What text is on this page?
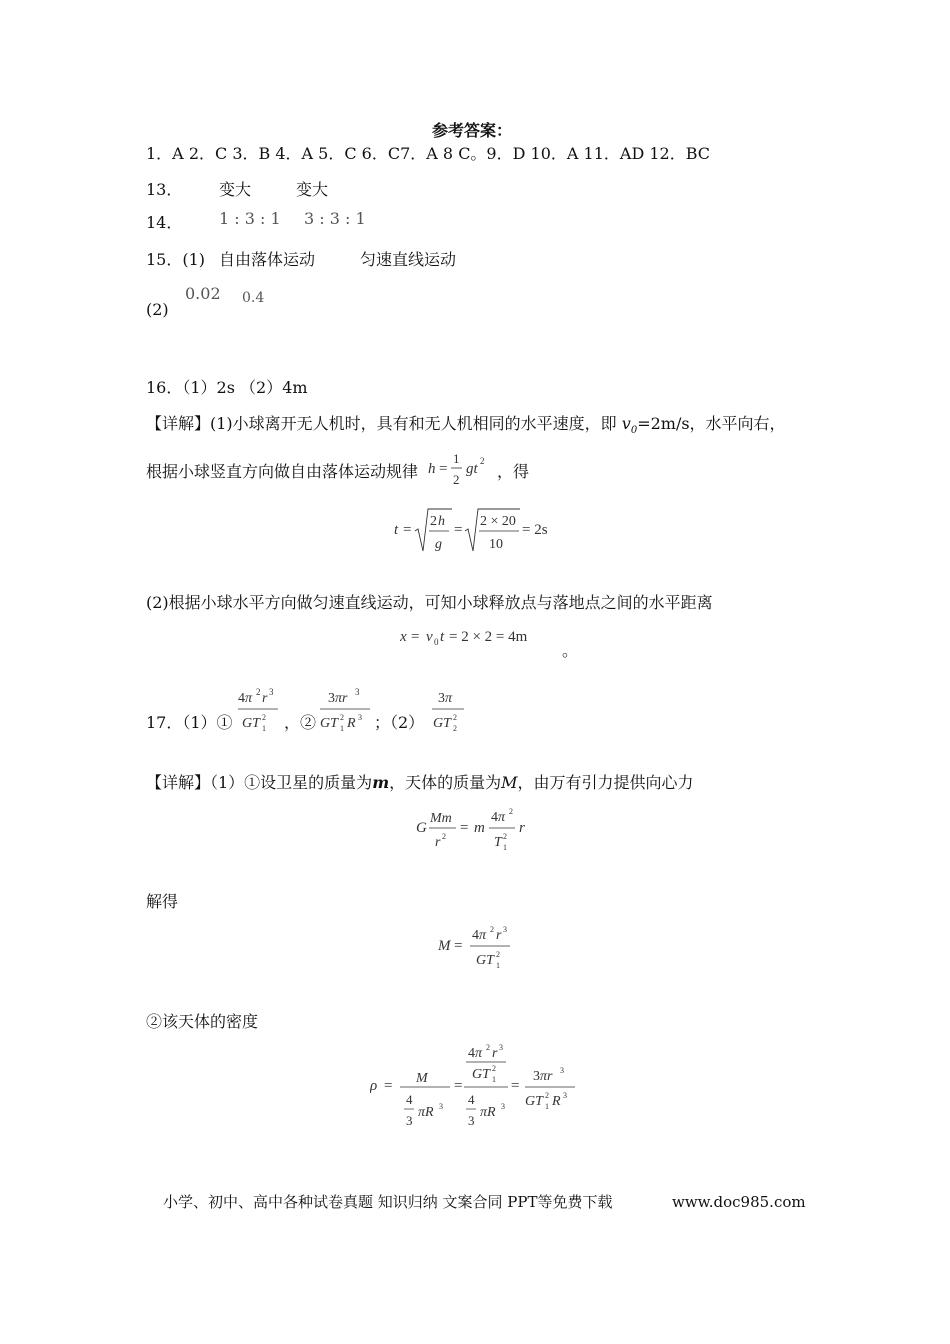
参考答案：
1．A 2．C 3．B 4．A 5．C 6．C7．A 8 C。9．D 10．A 11．AD 12．BC
13． 变大	变大
14． 1 : 3 : 1 3 : 3 : 1
15．(1) 自由落体运动	匀速直线运动
(2)
0.02 0.4
16．（1）2s （2）4m
【详解】(1)小球离开无人机时，具有和无人机相同的水平速度，即 $v_0=2m/s$，水平向右，
根据小球竖直方向做自由落体运动规律 h =
1
2
gt 2
，得
t =
2 h
g
=
2 × 20
10
= 2s
(2)根据小球水平方向做匀速直线运动，可知小球释放点与落地点之间的水平距离
x = v 0 t = 2 × 2 = 4m
。
17．（1）①
4π 2 r 3
GT 1
2 ，②
3πr 3
GT 1
2 R 3 ；（2）
3π
GT 2
2
【详解】（1）①设卫星的质量为m，天体的质量为M，由万有引力提供向心力
G
Mm
r 2
= m
4π 2
T 1
2
r
解得
M =
4π 2 r 3
GT 1
2
②该天体的密度
ρ = M
4
3
πR 3
=
4π 2 r 3
GT 1
2
4
3
πR 3
=
3πr 3
GT 1
2 R 3
小学、初中、高中各种试卷真题 知识归纳 文案合同 PPT等免费下载	www.doc985.com
